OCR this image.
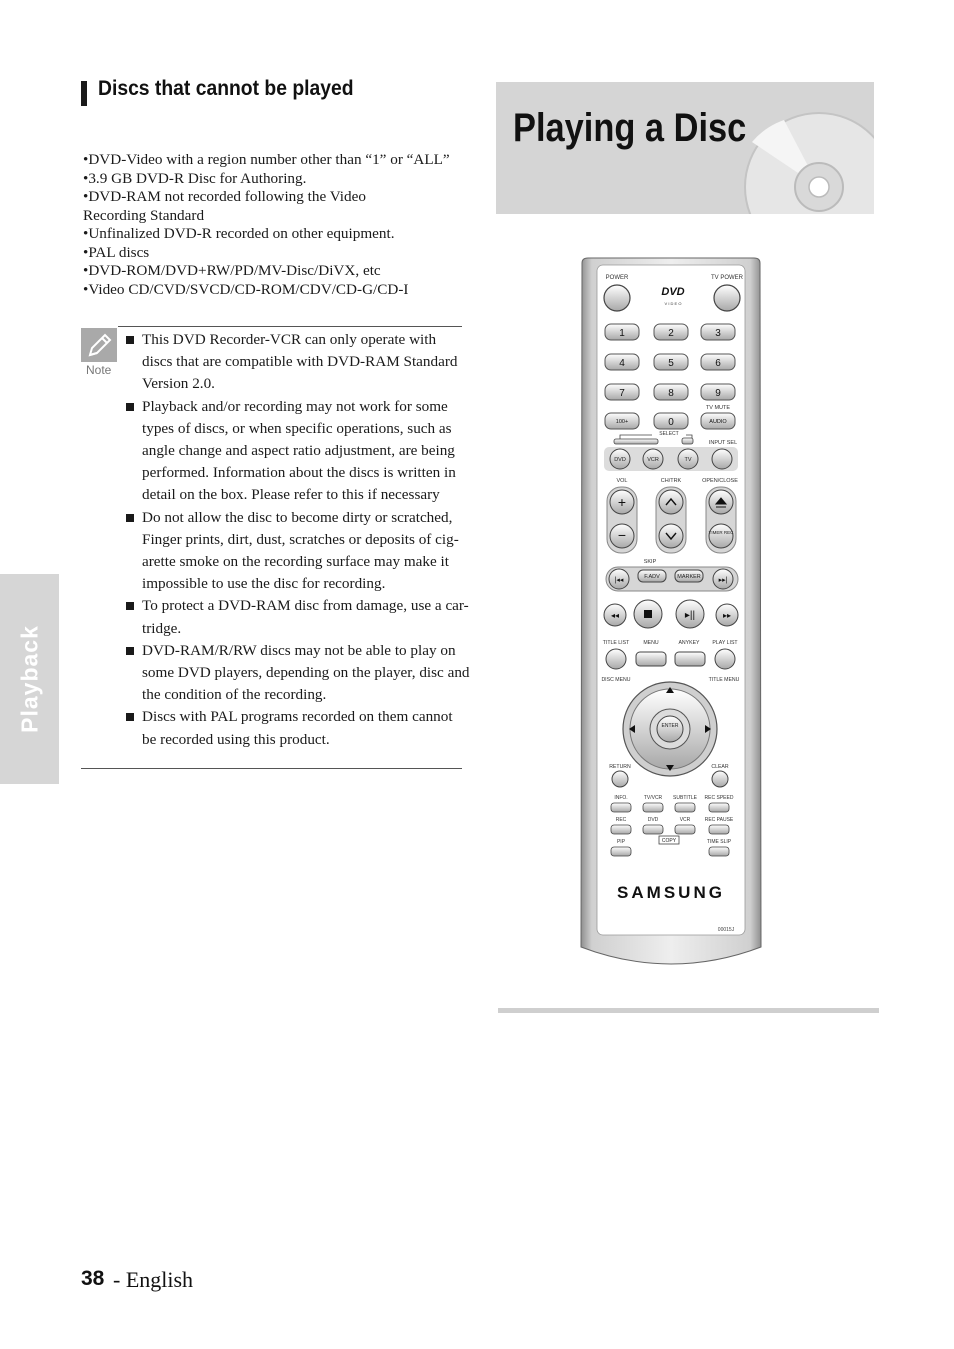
Playback
Discs that cannot be played
•DVD-Video with a region number other than “1” or “ALL”
•3.9 GB DVD-R Disc for Authoring.
•DVD-RAM not recorded following the Video
Recording Standard
•Unfinalized DVD-R recorded on other equipment.
•PAL discs
•DVD-ROM/DVD+RW/PD/MV-Disc/DiVX, etc
•Video CD/CVD/SVCD/CD-ROM/CDV/CD-G/CD-I
Note
This DVD Recorder-VCR can only operate with discs that are compatible with DVD-RAM Standard Version 2.0.
Playback and/or recording may not work for some types of discs, or when specific operations, such as angle change and aspect ratio adjustment, are being performed. Information about the discs is written in detail on the box. Please refer to this if necessary
Do not allow the disc to become dirty or scratched, Finger prints, dirt, dust, scratches or deposits of cig-arette smoke on the recording surface may make it impossible to use the disc for recording.
To protect a DVD-RAM disc from damage, use a car-tridge.
DVD-RAM/R/RW discs may not be able to play on some DVD players, depending on the player, disc and the condition of the recording.
Discs with PAL programs recorded on them cannot be recorded using this product.
Playing a Disc
POWER	TV POWER
DVD
V I D E O
1	2	3
4	5	6
7	8	9
100+	0	AUDIO
TV MUTE
SELECT
INPUT SEL
DVD	VCR	TV
VOL	CH/TRK	OPEN/CLOSE
+
−	TIMER REC
SKIP
|◂◂	F.ADV	MARKER	▸▸|
◂◂	▸||	▸▸
TITLE LIST	MENU	ANYKEY PLAY LIST
DISC MENU	TITLE MENU
ENTER
RETURN	CLEAR
INFO.	TV/VCR SUBTITLE REC SPEED
REC	DVD	VCR	REC PAUSE
PIP	TIME SLIP
COPY
SAMSUNG
00015J
38 - English
